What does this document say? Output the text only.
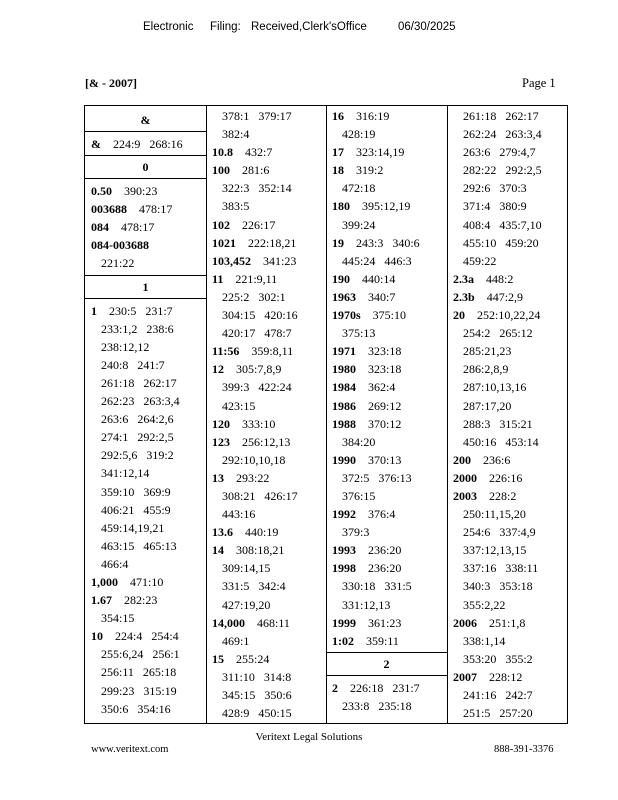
Electronic Filing: Received,Clerk'sOffice	06/30/2025
[& - 2007]	Page 1
&
& 224:9   268:16
0
0.50 390:23
003688 478:17
084 478:17
084-003688
221:22
1
1 230:5   231:7
233:1,2   238:6
238:12,12
240:8   241:7
261:18   262:17
262:23   263:3,4
263:6   264:2,6
274:1   292:2,5
292:5,6   319:2
341:12,14
359:10   369:9
406:21   455:9
459:14,19,21
463:15   465:13
466:4
1,000 471:10
1.67 282:23
354:15
10 224:4   254:4
255:6,24   256:1
256:11   265:18
299:23   315:19
350:6   354:16
378:1   379:17
382:4
10.8 432:7
100 281:6
322:3   352:14
383:5
102 226:17
1021 222:18,21
103,452 341:23
11 221:9,11
225:2   302:1
304:15   420:16
420:17   478:7
11:56 359:8,11
12 305:7,8,9
399:3   422:24
423:15
120 333:10
123 256:12,13
292:10,10,18
13 293:22
308:21   426:17
443:16
13.6 440:19
14 308:18,21
309:14,15
331:5   342:4
427:19,20
14,000 468:11
469:1
15 255:24
311:10   314:8
345:15   350:6
428:9   450:15
16 316:19
428:19
17 323:14,19
18 319:2
472:18
180 395:12,19
399:24
19 243:3   340:6
445:24   446:3
190 440:14
1963 340:7
1970s 375:10
375:13
1971 323:18
1980 323:18
1984 362:4
1986 269:12
1988 370:12
384:20
1990 370:13
372:5   376:13
376:15
1992 376:4
379:3
1993 236:20
1998 236:20
330:18   331:5
331:12,13
1999 361:23
1:02 359:11
2
2 226:18   231:7
233:8   235:18
261:18   262:17
262:24   263:3,4
263:6   279:4,7
282:22   292:2,5
292:6   370:3
371:4   380:9
408:4   435:7,10
455:10   459:20
459:22
2.3a 448:2
2.3b 447:2,9
20 252:10,22,24
254:2   265:12
285:21,23
286:2,8,9
287:10,13,16
287:17,20
288:3   315:21
450:16   453:14
200 236:6
2000 226:16
2003 228:2
250:11,15,20
254:6   337:4,9
337:12,13,15
337:16   338:11
340:3   353:18
355:2,22
2006 251:1,8
338:1,14
353:20   355:2
2007 228:12
241:16   242:7
251:5   257:20
Veritext Legal Solutions
www.veritext.com	888-391-3376
